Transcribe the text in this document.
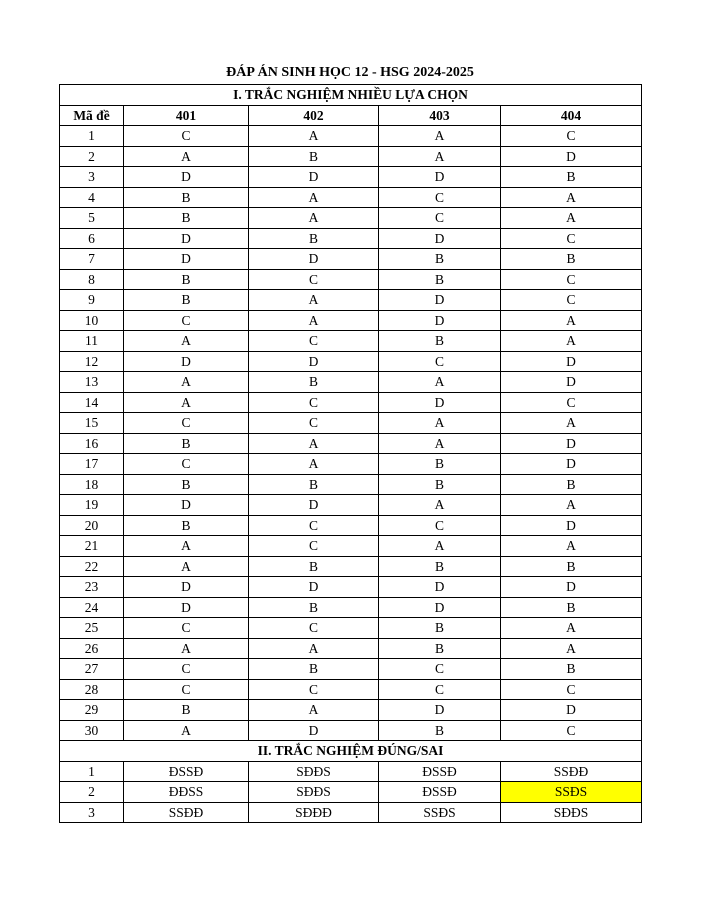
ĐÁP ÁN SINH HỌC 12 - HSG 2024-2025
I. TRẮC NGHIỆM NHIỀU LỰA CHỌN				
Mã đề	401	402	403	404
1	C	A	A	C
2	A	B	A	D
3	D	D	D	B
4	B	A	C	A
5	B	A	C	A
6	D	B	D	C
7	D	D	B	B
8	B	C	B	C
9	B	A	D	C
10	C	A	D	A
11	A	C	B	A
12	D	D	C	D
13	A	B	A	D
14	A	C	D	C
15	C	C	A	A
16	B	A	A	D
17	C	A	B	D
18	B	B	B	B
19	D	D	A	A
20	B	C	C	D
21	A	C	A	A
22	A	B	B	B
23	D	D	D	D
24	D	B	D	B
25	C	C	B	A
26	A	A	B	A
27	C	B	C	B
28	C	C	C	C
29	B	A	D	D
30	A	D	B	C
II. TRẮC NGHIỆM ĐÚNG/SAI				
1	ĐSSĐ	SĐĐS	ĐSSĐ	SSĐĐ
2	ĐĐSS	SĐĐS	ĐSSĐ	SSĐS
3	SSĐĐ	SĐĐĐ	SSĐS	SĐĐS
